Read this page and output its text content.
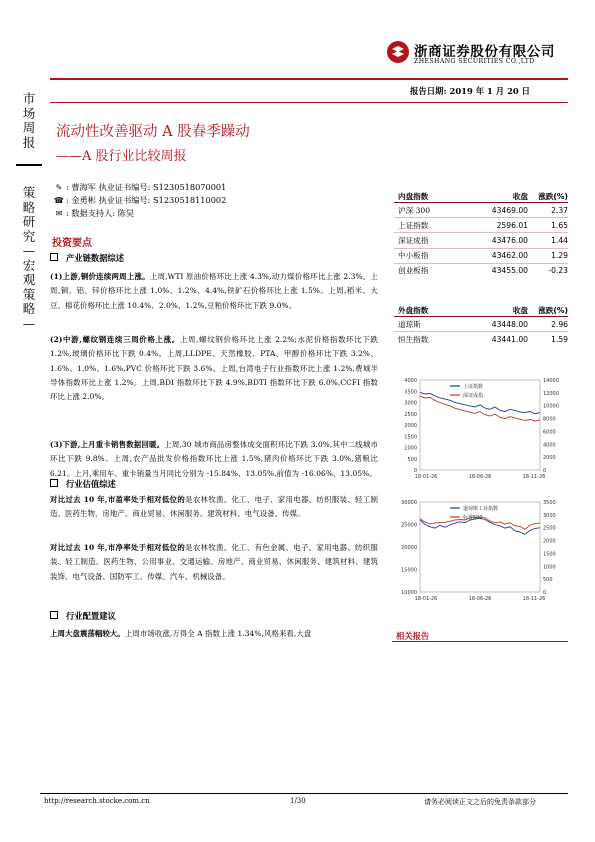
浙商证券股份有限公司
ZHESHANG SECURITIES CO.,LTD
报告日期: 2019 年 1 月 20 日
市
场
周
报
策
略
研
究
—
宏
观
策
略
—
流动性改善驱动 A 股春季躁动
——A 股行业比较周报
✎ : 曹海军 执业证书编号: S1230518070001
☎ : 金勇彬 执业证书编号: S1230518110002
✉ : 数据支持人: 陈昊
投资要点
产业链数据综述
(1)上游,铜价连续两周上涨。上周,WTI 原油价格环比上涨 4.3%,动力煤价格环比上涨 2.3%。上周,铜、铝、锌价格环比上涨 1.0%、1.2%、4.4%,铁矿石价格环比上涨 1.5%。上周,稻米、大豆、棉花价格环比上涨 10.4%、2.0%、1.2%,豆粕价格环比下跌 9.0%。
(2)中游,螺纹钢连续三周价格上涨。上周,螺纹钢价格环比上涨 2.2%;水泥价格指数环比下跌 1.2%,玻璃价格环比下跌 0.4%。上周,LLDPE、天然橡胶、PTA、甲醇价格环比下跌 3.2%、1.6%、1.0%、1.6%,PVC 价格环比下跌 3.6%。上周,台湾电子行业指数环比上涨 1.2%,费城半导体指数环比上涨 1.2%。上周,BDI 指数环比下跌 4.9%,BDTI 指数环比下跌 6.0%,CCFI 指数环比上涨 2.0%。
(3)下游,上月重卡销售数据回暖。上周,30 城市商品房整体成交面积环比下跌 3.0%,其中二线城市环比下跌 9.8%。上周,农产品批发价格指数环比上涨 1.5%,猪肉价格环比下跌 3.0%,猪粮比 6.21。上月,乘用车、重卡销量当月同比分别为 -15.84%、13.05%,前值为 -16.06%、13.05%。
行业估值综述
对比过去 10 年,市盈率处于相对低位的是农林牧渔、化工、电子、家用电器、纺织服装、轻工制造、医药生物、房地产、商业贸易、休闲服务、建筑材料、电气设备、传媒。
对比过去 10 年,市净率处于相对低位的是农林牧渔、化工、有色金属、电子、家用电器、纺织服装、轻工制造、医药生物、公用事业、交通运输、房地产、商业贸易、休闲服务、建筑材料、建筑装饰、电气设备、国防军工、传媒、汽车、机械设备。
行业配置建议
上周大盘震荡幅较大。上周市场收涨,万得全 A 指数上涨 1.34%,风格来看,大盘
内盘指数	收盘	涨跌(%)
沪深 300	43469.00	2.37
上证指数	2596.01	1.65
深证成指	43476.00	1.44
中小板指	43462.00	1.29
创业板指	43455.00	-0.23
外盘指数	收盘	涨跌(%)
道琼斯	43448.00	2.96
恒生指数	43441.00	1.59
4000
3500
3000
2500
2000
1500
1000
500
0
14000
12000
10000
8000
6000
4000
2000
0
18-01-26	18-06-26	18-11-26
上证指数
深证成指
30000
25000
20000
15000
10000
3500
3000
2500
2000
1500
1000
500
0
18-01-26	18-06-26	18-11-26
道琼斯工业指数
标普500
相关报告
http://research.stocke.com.cn	1/30	请务必阅读正文之后的免责条款部分
